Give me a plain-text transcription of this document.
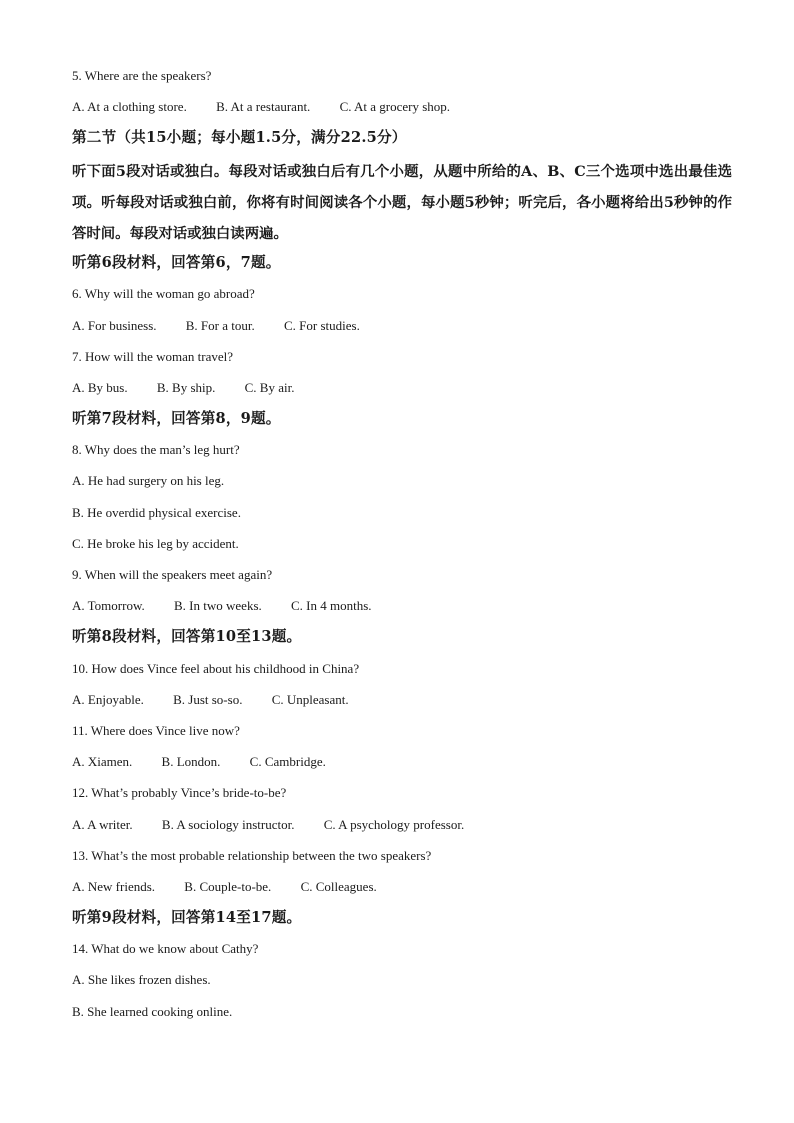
5. Where are the speakers?
A. At a clothing store. B. At a restaurant. C. At a grocery shop.
第二节（共15小题；每小题1.5分，满分22.5分）

听下面5段对话或独白。每段对话或独白后有几个小题，从题中所给的A、B、C三个选项中选出最佳选项。听每段对话或独白前，你将有时间阅读各个小题，每小题5秒钟；听完后，各小题将给出5秒钟的作答时间。每段对话或独白读两遍。

听第6段材料，回答第6，7题。
6. Why will the woman go abroad?
A. For business. B. For a tour. C. For studies.
7. How will the woman travel?
A. By bus. B. By ship. C. By air.
听第7段材料，回答第8，9题。
8. Why does the man’s leg hurt?
A. He had surgery on his leg.
B. He overdid physical exercise.
C. He broke his leg by accident.
9. When will the speakers meet again?
A. Tomorrow. B. In two weeks. C. In 4 months.
听第8段材料，回答第10至13题。
10. How does Vince feel about his childhood in China?
A. Enjoyable. B. Just so-so. C. Unpleasant.
11. Where does Vince live now?
A. Xiamen. B. London. C. Cambridge.
12. What’s probably Vince’s bride-to-be?
A. A writer. B. A sociology instructor. C. A psychology professor.
13. What’s the most probable relationship between the two speakers?
A. New friends. B. Couple-to-be. C. Colleagues.
听第9段材料，回答第14至17题。
14. What do we know about Cathy?
A. She likes frozen dishes.
B. She learned cooking online.
